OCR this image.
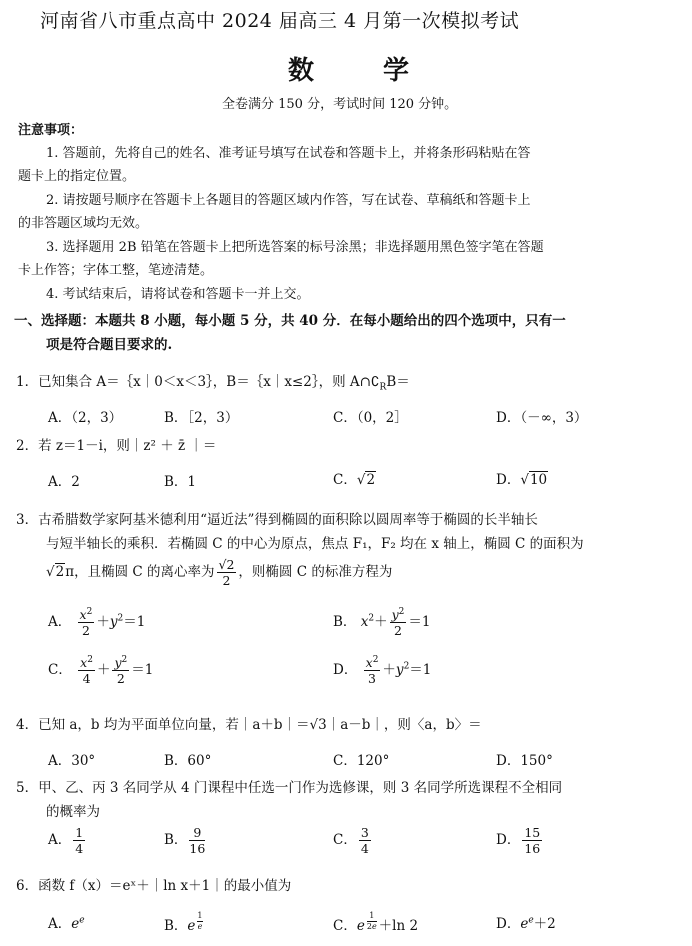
河南省八市重点高中 2024 届高三 4 月第一次模拟考试
数 学
全卷满分 150 分，考试时间 120 分钟。
注意事项：
1. 答题前，先将自己的姓名、准考证号填写在试卷和答题卡上，并将条形码粘贴在答
题卡上的指定位置。
2. 请按题号顺序在答题卡上各题目的答题区域内作答，写在试卷、草稿纸和答题卡上
的非答题区域均无效。
3. 选择题用 2B 铅笔在答题卡上把所选答案的标号涂黑；非选择题用黑色签字笔在答题
卡上作答；字体工整，笔迹清楚。
4. 考试结束后，请将试卷和答题卡一并上交。
一、选择题：本题共 8 小题，每小题 5 分，共 40 分．在每小题给出的四个选项中，只有一
项是符合题目要求的.
1．已知集合 A＝｛x｜0＜x＜3｝，B＝｛x｜x≤2｝，则 $A\cap∁_RB=$
A．（2，3）	B．［2，3）	C．（0，2］	D．（－∞，3）
2．若 z＝1－i，则｜z² ＋ z̄ ｜＝
A．2	B．1	C．√2	D．√10
3．古希腊数学家阿基米德利用“逼近法”得到椭圆的面积除以圆周率等于椭圆的长半轴长
与短半轴长的乘积．若椭圆 C 的中心为原点，焦点 F₁，F₂ 均在 x 轴上，椭圆 C 的面积为
√2π，且椭圆 C 的离心率为 $\frac{√2}{2}$ ，则椭圆 C 的标准方程为
A． $\frac{x^2}{2} +y^2=1$	B． $x^2+ \frac{y^2}{2} =1$
C． $\frac{x^2}{4} + \frac{y^2}{2} =1$	D． $\frac{x^2}{3} +y^2=1$
4．已知 a，b 均为平面单位向量，若｜a＋b｜＝√3｜a－b｜，则〈a，b〉＝
A．30°	B．60°	C．120°	D．150°
5．甲、乙、丙 3 名同学从 4 门课程中任选一门作为选修课，则 3 名同学所选课程不全相同
的概率为
A． $\frac{1}{4}$	B． $\frac{9}{16}$	C． $\frac{3}{4}$	D． $\frac{15}{16}$
6．函数 f（x）＝eˣ＋｜ln x＋1｜的最小值为
A．$e^e$	B．e $^{\frac{1}{e}}$	C．e $^{\frac{1}{2e}}$ ＋ln 2	D．$e^e+2$
